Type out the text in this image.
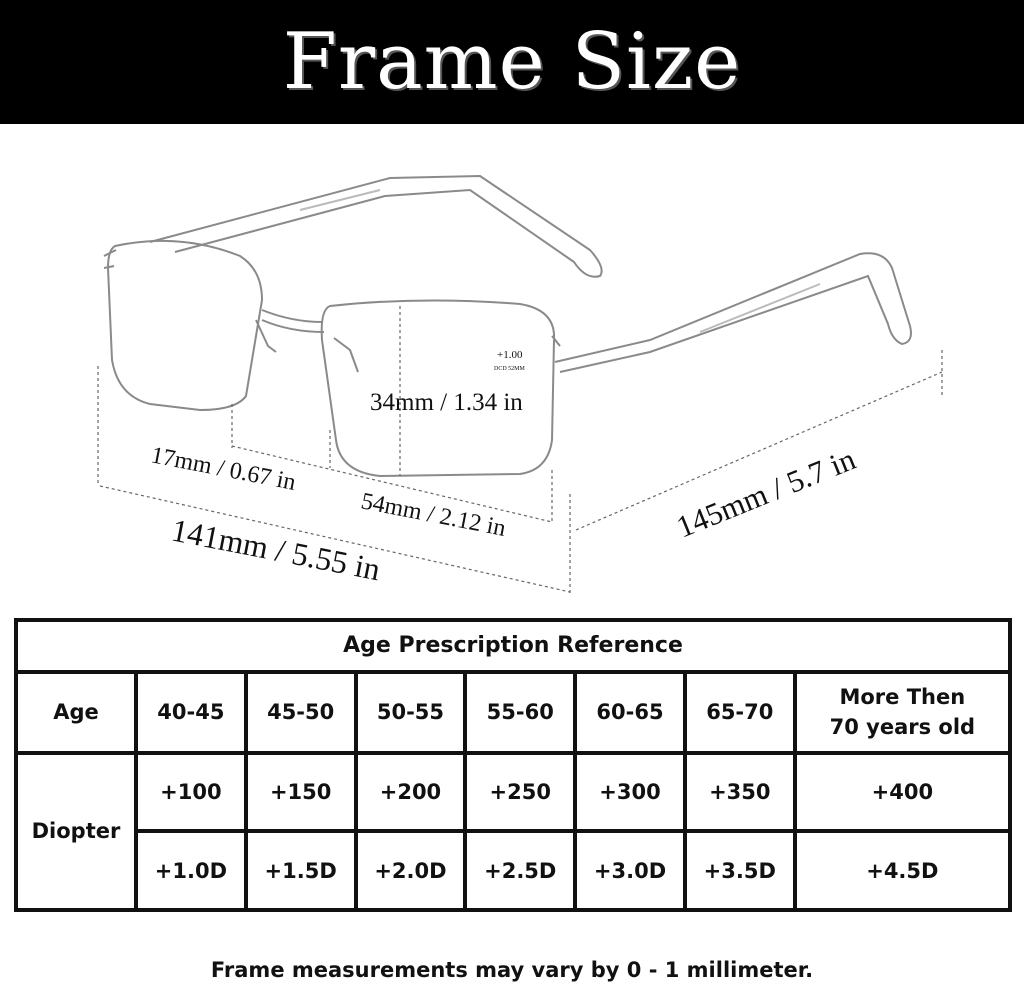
Frame Size
+1.00
DCD 52MM
34mm / 1.34 in
17mm / 0.67 in
54mm / 2.12 in
141mm / 5.55 in
145mm / 5.7 in
Age Prescription Reference							
Age	40-45	45-50	50-55	55-60	60-65	65-70	More Then
70 years old

Diopter	+100	+150	+200	+250	+300	+350	+400
	+1.0D	+1.5D	+2.0D	+2.5D	+3.0D	+3.5D	+4.5D
Frame measurements may vary by 0 - 1 millimeter.
